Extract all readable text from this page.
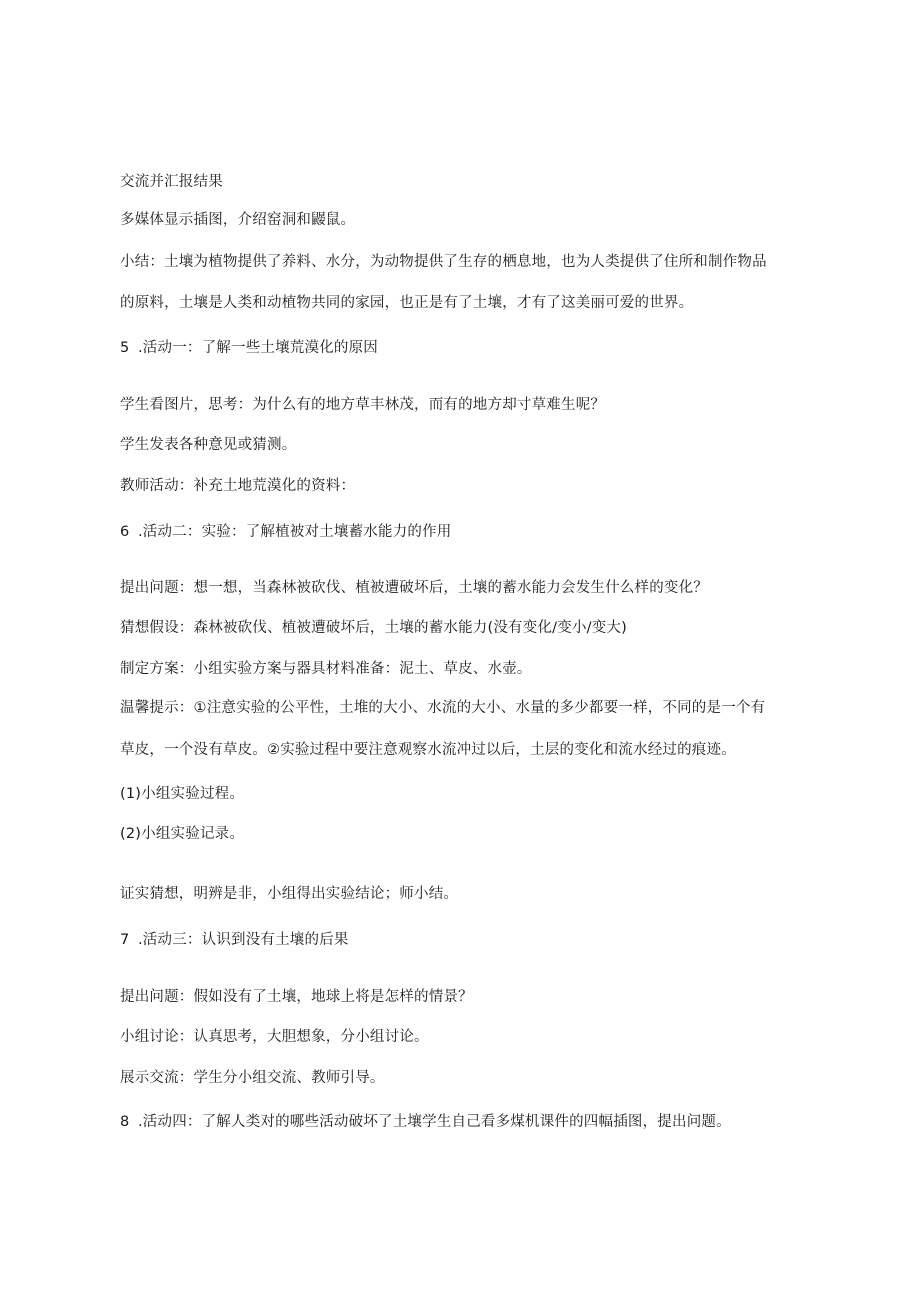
交流并汇报结果
多媒体显示插图，介绍窑洞和鼹鼠。
小结：土壤为植物提供了养料、水分，为动物提供了生存的栖息地，也为人类提供了住所和制作物品
的原料，土壤是人类和动植物共同的家园，也正是有了土壤，才有了这美丽可爱的世界。
5 .活动一：了解一些土壤荒漠化的原因
学生看图片，思考：为什么有的地方草丰林茂，而有的地方却寸草难生呢？
学生发表各种意见或猜测。
教师活动：补充土地荒漠化的资料：
6 .活动二：实验：了解植被对土壤蓄水能力的作用
提出问题：想一想，当森林被砍伐、植被遭破坏后，土壤的蓄水能力会发生什么样的变化？
猜想假设：森林被砍伐、植被遭破坏后，土壤的蓄水能力(没有变化/变小/变大)
制定方案：小组实验方案与器具材料准备：泥土、草皮、水壶。
温馨提示：①注意实验的公平性，土堆的大小、水流的大小、水量的多少都要一样，不同的是一个有
草皮，一个没有草皮。②实验过程中要注意观察水流冲过以后，土层的变化和流水经过的痕迹。
(1)小组实验过程。
(2)小组实验记录。
证实猜想，明辨是非，小组得出实验结论；师小结。
7 .活动三：认识到没有土壤的后果
提出问题：假如没有了土壤，地球上将是怎样的情景？
小组讨论：认真思考，大胆想象，分小组讨论。
展示交流：学生分小组交流、教师引导。
8 .活动四：了解人类对的哪些活动破坏了土壤学生自己看多煤机课件的四幅插图，提出问题。
